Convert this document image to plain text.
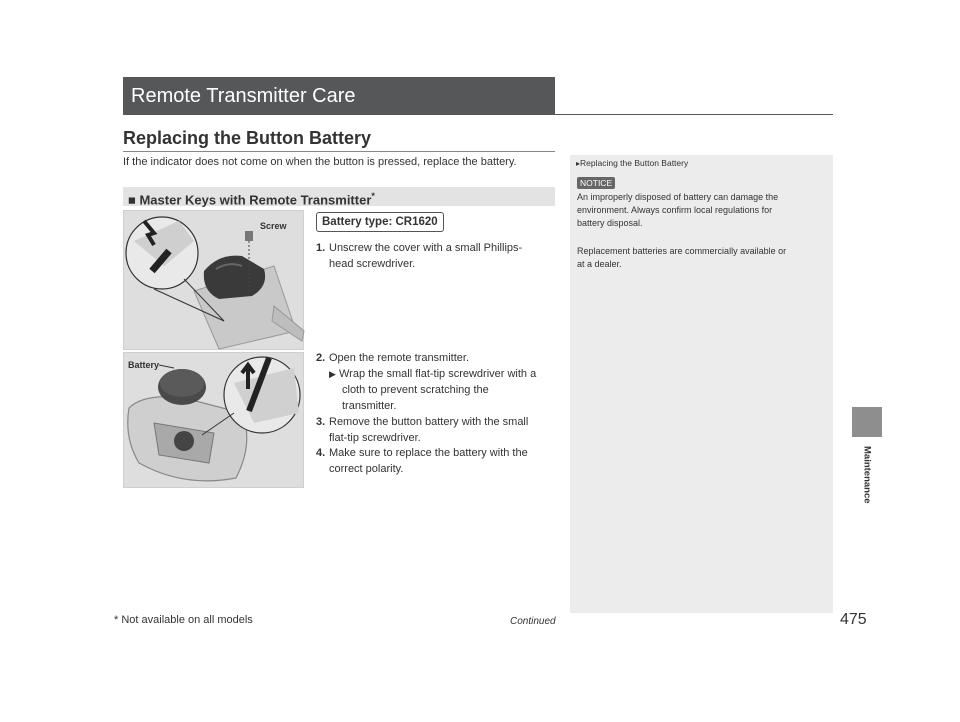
Remote Transmitter Care
Replacing the Button Battery
If the indicator does not come on when the button is pressed, replace the battery.
■ Master Keys with Remote Transmitter*
Screw
Battery
Battery type: CR1620
1. Unscrew the cover with a small Phillips-
head screwdriver.
2. Open the remote transmitter.
▶ Wrap the small flat-tip screwdriver with a
cloth to prevent scratching the
transmitter.
3. Remove the button battery with the small
flat-tip screwdriver.
4. Make sure to replace the battery with the
correct polarity.
▸Replacing the Button Battery
NOTICE
An improperly disposed of battery can damage the
environment. Always confirm local regulations for
battery disposal.
Replacement batteries are commercially available or
at a dealer.
Maintenance
* Not available on all models	Continued	475
